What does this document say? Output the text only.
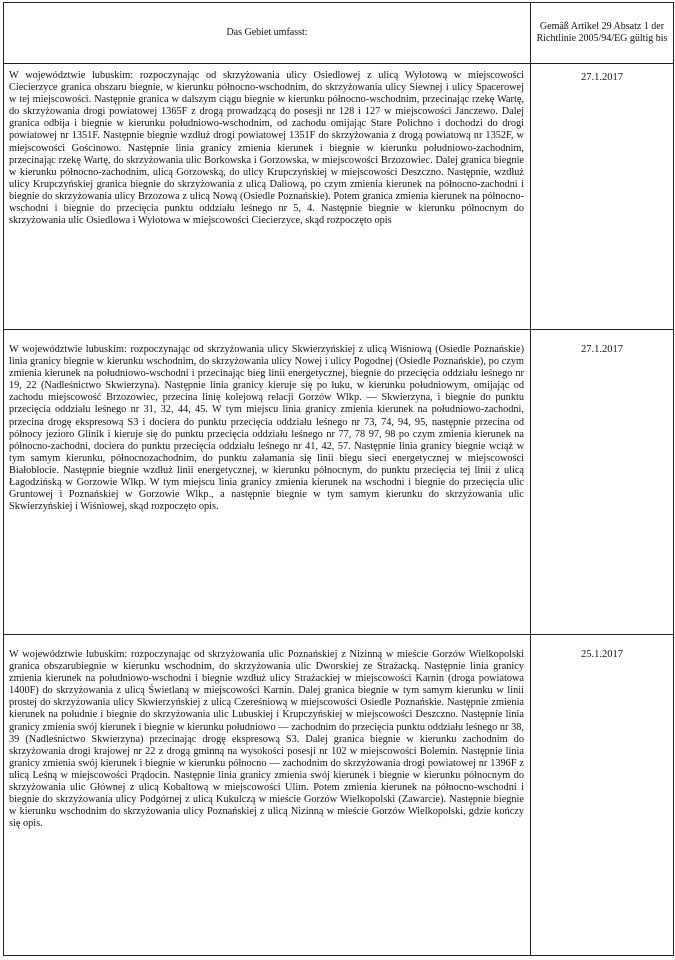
Das Gebiet umfasst:	Gemäß Artikel 29 Absatz 1 der Richtlinie 2005/94/EG gültig bis

W województwie lubuskim: rozpoczynając od skrzyżowania ulicy Osiedlowej z ulicą Wylotową w miejscowości Ciecierzyce granica obszaru biegnie, w kierunku północno-wschodnim, do skrzyżowania ulicy Siewnej i ulicy Spacerowej w tej miejscowości. Następnie granica w dalszym ciągu biegnie w kierunku północno-wschodnim, przecinając rzekę Wartę, do skrzyżowania drogi powiatowej 1365F z drogą prowadzącą do posesji nr 128 i 127 w miejscowości Janczewo. Dalej granica odbija i biegnie w kierunku południowo-wschodnim, od zachodu omijając Stare Polichno i dochodzi do drogi powiatowej nr 1351F. Następnie biegnie wzdłuż drogi powiatowej 1351F do skrzyżowania z drogą powiatową nr 1352F, w miejscowości Gościnowo. Następnie linia granicy zmienia kierunek i biegnie w kierunku południowo-zachodnim, przecinając rzekę Wartę, do skrzyżowania ulic Borkowska i Gorzowska, w miejscowości Brzozowiec. Dalej granica biegnie w kierunku północno-zachodnim, ulicą Gorzowską, do ulicy Krupczyńskiej w miejscowości Deszczno. Następnie, wzdłuż ulicy Krupczyńskiej granica biegnie do skrzyżowania z ulicą Daliową, po czym zmienia kierunek na północno-zachodni i biegnie do skrzyżowania ulicy Brzozowa z ulicą Nową (Osiedle Poznańskie). Potem granica zmienia kierunek na północno-wschodni i biegnie do przecięcia punktu oddziału leśnego nr 5, 4. Następnie biegnie w kierunku północnym do skrzyżowania ulic Osiedlowa i Wylotowa w miejscowości Ciecierzyce, skąd rozpoczęto opis	27.1.2017

W województwie lubuskim: rozpoczynając od skrzyżowania ulicy Skwierzyńskiej z ulicą Wiśniową (Osiedle Poznańskie) linia granicy biegnie w kierunku wschodnim, do skrzyżowania ulicy Nowej i ulicy Pogodnej (Osiedle Poznańskie), po czym zmienia kierunek na południowo-wschodni i przecinając bieg linii energetycznej, biegnie do przecięcia oddziału leśnego nr 19, 22 (Nadleśnictwo Skwierzyna). Następnie linia granicy kieruje się po łuku, w kierunku południowym, omijając od zachodu miejscowość Brzozowiec, przecina linię kolejową relacji Gorzów Wlkp. — Skwierzyna, i biegnie do punktu przecięcia oddziału leśnego nr 31, 32, 44, 45. W tym miejscu linia granicy zmienia kierunek na południowo-zachodni, przecina drogę ekspresową S3 i dociera do punktu przecięcia oddziału leśnego nr 73, 74, 94, 95, następnie przecina od północy jezioro Glinik i kieruje się do punktu przecięcia oddziału leśnego nr 77, 78 97, 98 po czym zmienia kierunek na północno-zachodni, dociera do punktu przecięcia oddziału leśnego nr 41, 42, 57. Następnie linia granicy biegnie wciąż w tym samym kierunku, północnozachodnim, do punktu załamania się linii biegu sieci energetycznej w miejscowości Białobłocie. Następnie biegnie wzdłuż linii energetycznej, w kierunku północnym, do punktu przecięcia tej linii z ulicą Łagodzińską w Gorzowie Wlkp. W tym miejscu linia granicy zmienia kierunek na wschodni i biegnie do przecięcia ulic Gruntowej i Poznańskiej w Gorzowie Wlkp., a następnie biegnie w tym samym kierunku do skrzyżowania ulic Skwierzyńskiej i Wiśniowej, skąd rozpoczęto opis.	27.1.2017

W województwie lubuskim: rozpoczynając od skrzyżowania ulic Poznańskiej z Nizinną w mieście Gorzów Wielkopolski granica obszarubiegnie w kierunku wschodnim, do skrzyżowania ulic Dworskiej ze Strażacką. Następnie linia granicy zmienia kierunek na południowo-wschodni i biegnie wzdłuż ulicy Strażackiej w miejscowości Karnin (droga powiatowa 1400F) do skrzyżowania z ulicą Świetlaną w miejscowości Karnin. Dalej granica biegnie w tym samym kierunku w linii prostej do skrzyżowania ulicy Skwierzyńskiej z ulicą Czereśniową w miejscowości Osiedle Poznańskie. Następnie zmienia kierunek na południe i biegnie do skrzyżowania ulic Lubuskiej i Krupczyńskiej w miejscowości Deszczno. Następnie linia granicy zmienia swój kierunek i biegnie w kierunku południowo — zachodnim do przecięcia punktu oddziału leśnego nr 38, 39 (Nadleśnictwo Skwierzyna) przecinając drogę ekspresową S3. Dalej granica biegnie w kierunku zachodnim do skrzyżowania drogi krajowej nr 22 z drogą gminną na wysokości posesji nr 102 w miejscowości Bolemin. Następnie linia granicy zmienia swój kierunek i biegnie w kierunku północno — zachodnim do skrzyżowania drogi powiatowej nr 1396F z ulicą Leśną w miejscowości Prądocin. Następnie linia granicy zmienia swój kierunek i biegnie w kierunku północnym do skrzyżowania ulic Głównej z ulicą Kobaltową w miejscowości Ulim. Potem zmienia kierunek na północno-wschodni i biegnie do skrzyżowania ulicy Podgórnej z ulicą Kukulczą w mieście Gorzów Wielkopolski (Zawarcie). Następnie biegnie w kierunku wschodnim do skrzyżowania ulicy Poznańskiej z ulicą Nizinną w mieście Gorzów Wielkopolski, gdzie kończy się opis.	25.1.2017
